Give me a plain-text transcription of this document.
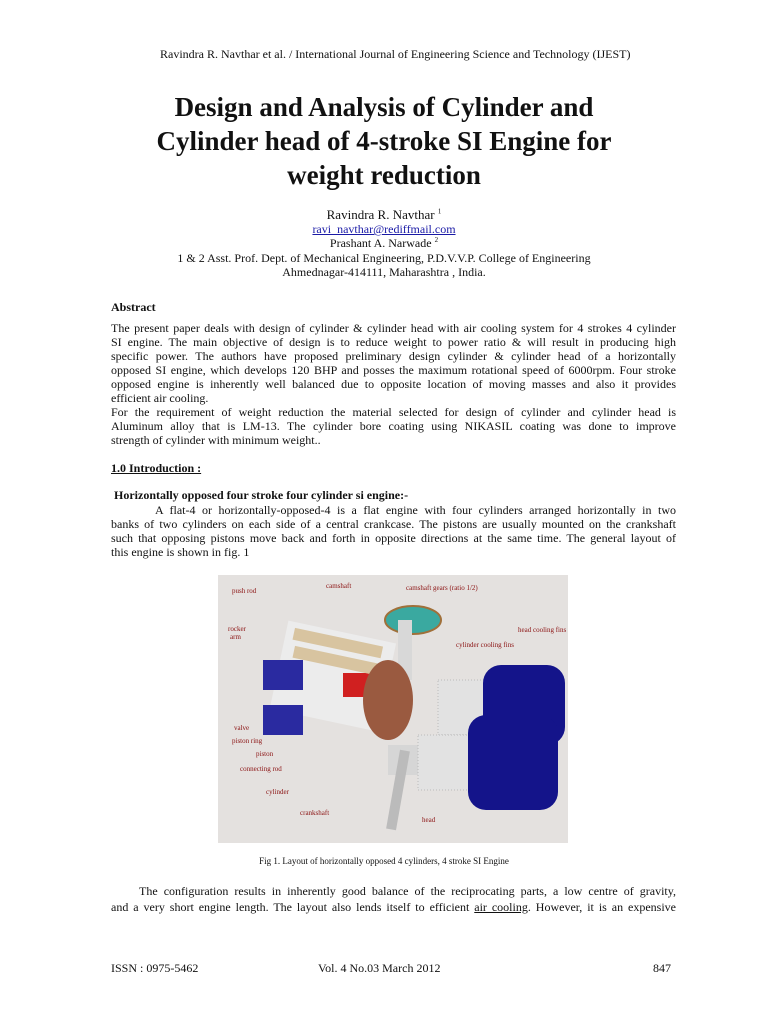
Ravindra R. Navthar et al. / International Journal of Engineering Science and Technology (IJEST)
Design and Analysis of Cylinder and
Cylinder head of 4-stroke SI Engine for
weight reduction
Ravindra R. Navthar $^1$
ravi_navthar@rediffmail.com
Prashant A. Narwade $^2$
1 & 2 Asst. Prof. Dept. of Mechanical Engineering, P.D.V.V.P. College of Engineering
Ahmednagar-414111, Maharashtra , India.
Abstract
The present paper deals with design of cylinder & cylinder head with air cooling system for 4 strokes 4 cylinder
SI engine. The main objective of design is to reduce weight to power ratio & will result in producing high
specific power. The authors have proposed preliminary design cylinder & cylinder head of a horizontally
opposed SI engine, which develops 120 BHP and posses the maximum rotational speed of 6000rpm. Four stroke
opposed engine is inherently well balanced due to opposite location of moving masses and also it provides
efficient air cooling.
For the requirement of weight reduction the material selected for design of cylinder and cylinder head is
Aluminum alloy that is LM-13. The cylinder bore coating using NIKASIL coating was done to improve
strength of cylinder with minimum weight..
1.0 Introduction :
Horizontally opposed four stroke four cylinder si engine:-
A flat-4 or horizontally-opposed-4 is a flat engine with four cylinders arranged horizontally in two
banks of two cylinders on each side of a central crankcase. The pistons are usually mounted on the crankshaft
such that opposing pistons move back and forth in opposite directions at the same time. The general layout of
this engine is shown in fig. 1
push rod
camshaft	camshaft gears (ratio 1/2)
rocker
arm
head cooling fins
cylinder cooling fins
valve
piston ring
piston
connecting rod
cylinder
crankshaft
head
Fig 1. Layout of horizontally opposed 4 cylinders, 4 stroke SI Engine
The configuration results in inherently good balance of the reciprocating parts, a low centre of gravity,
and a very short engine length. The layout also lends itself to efficient air cooling. However, it is an expensive
ISSN : 0975-5462	Vol. 4 No.03 March 2012	847
